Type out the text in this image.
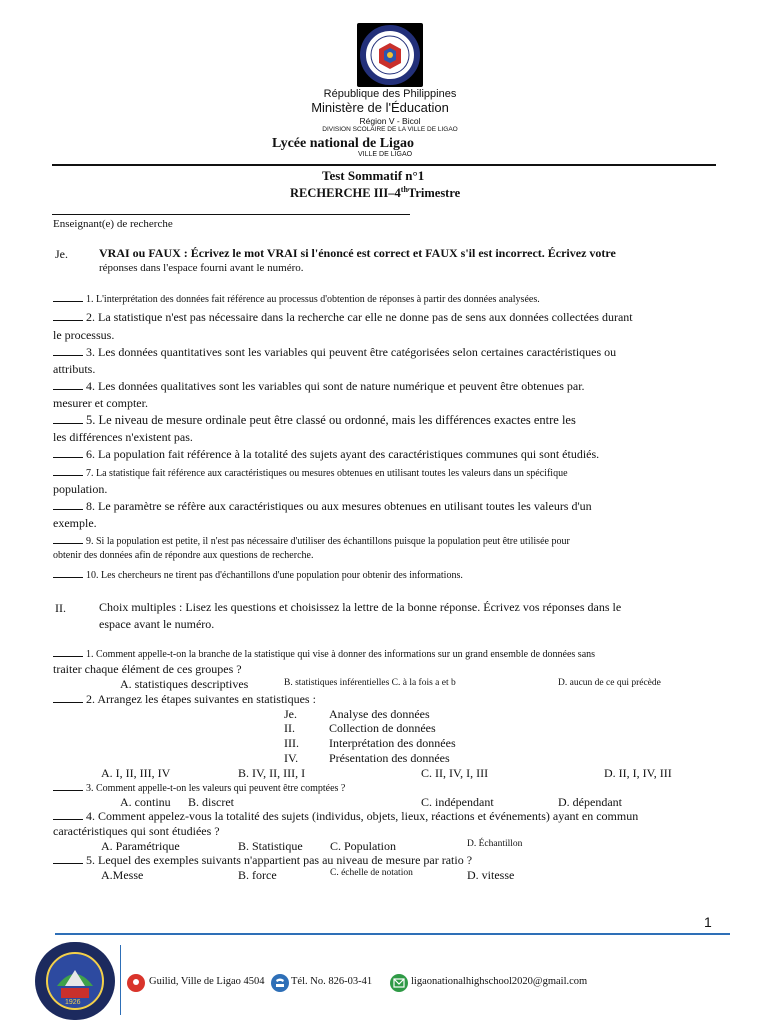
République des Philippines
Ministère de l'Éducation
Région V - Bicol
DIVISION SCOLAIRE DE LA VILLE DE LIGAO
Lycée national de Ligao
VILLE DE LIGAO
Test Sommatif n°1
RECHERCHE III–4thTrimestre
Enseignant(e) de recherche
Je.	VRAI ou FAUX : Écrivez le mot VRAI si l'énoncé est correct et FAUX s'il est incorrect. Écrivez votre
réponses dans l'espace fourni avant le numéro.
1. L'interprétation des données fait référence au processus d'obtention de réponses à partir des données analysées.
2. La statistique n'est pas nécessaire dans la recherche car elle ne donne pas de sens aux données collectées durant
le processus.
3. Les données quantitatives sont les variables qui peuvent être catégorisées selon certaines caractéristiques ou
attributs.
4. Les données qualitatives sont les variables qui sont de nature numérique et peuvent être obtenues par.
mesurer et compter.
5. Le niveau de mesure ordinale peut être classé ou ordonné, mais les différences exactes entre les
les différences n'existent pas.
6. La population fait référence à la totalité des sujets ayant des caractéristiques communes qui sont étudiés.
7. La statistique fait référence aux caractéristiques ou mesures obtenues en utilisant toutes les valeurs dans un spécifique
population.
8. Le paramètre se réfère aux caractéristiques ou aux mesures obtenues en utilisant toutes les valeurs d'un
exemple.
9. Si la population est petite, il n'est pas nécessaire d'utiliser des échantillons puisque la population peut être utilisée pour
obtenir des données afin de répondre aux questions de recherche.
10. Les chercheurs ne tirent pas d'échantillons d'une population pour obtenir des informations.
II.	Choix multiples : Lisez les questions et choisissez la lettre de la bonne réponse. Écrivez vos réponses dans le
espace avant le numéro.
1. Comment appelle-t-on la branche de la statistique qui vise à donner des informations sur un grand ensemble de données sans
traiter chaque élément de ces groupes ?
A. statistiques descriptives	B. statistiques inférentielles C. à la fois a et b	D. aucun de ce qui précède
2. Arrangez les étapes suivantes en statistiques :
Je.	Analyse des données
II.	Collection de données
III.	Interprétation des données
IV.	Présentation des données
A. I, II, III, IV	B. IV, II, III, I	C. II, IV, I, III	D. II, I, IV, III
3. Comment appelle-t-on les valeurs qui peuvent être comptées ?
A. continu B. discret	C. indépendant	D. dépendant
4. Comment appelez-vous la totalité des sujets (individus, objets, lieux, réactions et événements) ayant en commun
caractéristiques qui sont étudiées ?
A. Paramétrique	B. Statistique C. Population	D. Échantillon
5. Lequel des exemples suivants n'appartient pas au niveau de mesure par ratio ?
A.Messe	B. force	C. échelle de notation	D. vitesse
1
1926
Guilid, Ville de Ligao 4504	Tél. No. 826-03-41	ligaonationalhighschool2020@gmail.com
